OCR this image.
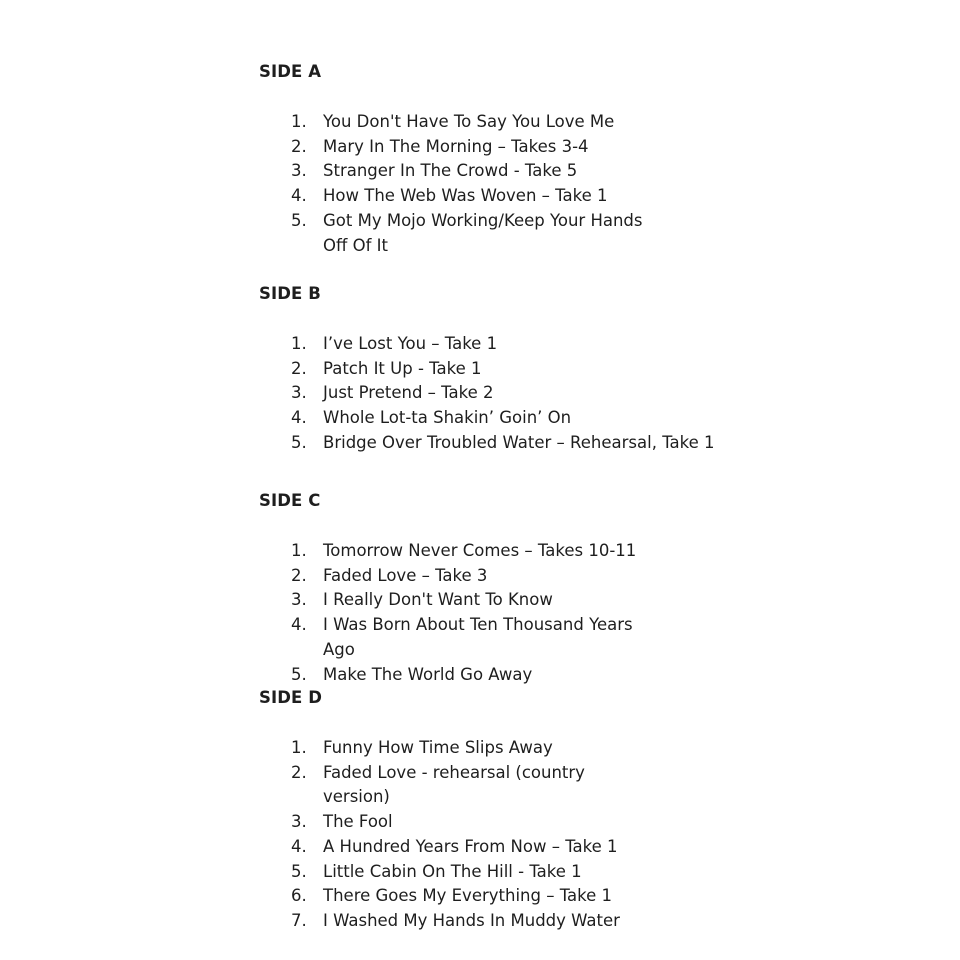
SIDE A
1. You Don't Have To Say You Love Me
2. Mary In The Morning – Takes 3-4
3. Stranger In The Crowd - Take 5
4. How The Web Was Woven – Take 1
5. Got My Mojo Working/Keep Your Hands Off Of It
SIDE B
1. I’ve Lost You – Take 1
2. Patch It Up - Take 1
3. Just Pretend – Take 2
4. Whole Lot-ta Shakin’ Goin’ On
5. Bridge Over Troubled Water – Rehearsal, Take 1
SIDE C
1. Tomorrow Never Comes – Takes 10-11
2. Faded Love – Take 3
3. I Really Don't Want To Know
4. I Was Born About Ten Thousand Years Ago
5. Make The World Go Away
SIDE D
1. Funny How Time Slips Away
2. Faded Love - rehearsal (country version)
3. The Fool
4. A Hundred Years From Now – Take 1
5. Little Cabin On The Hill - Take 1
6. There Goes My Everything – Take 1
7. I Washed My Hands In Muddy Water
